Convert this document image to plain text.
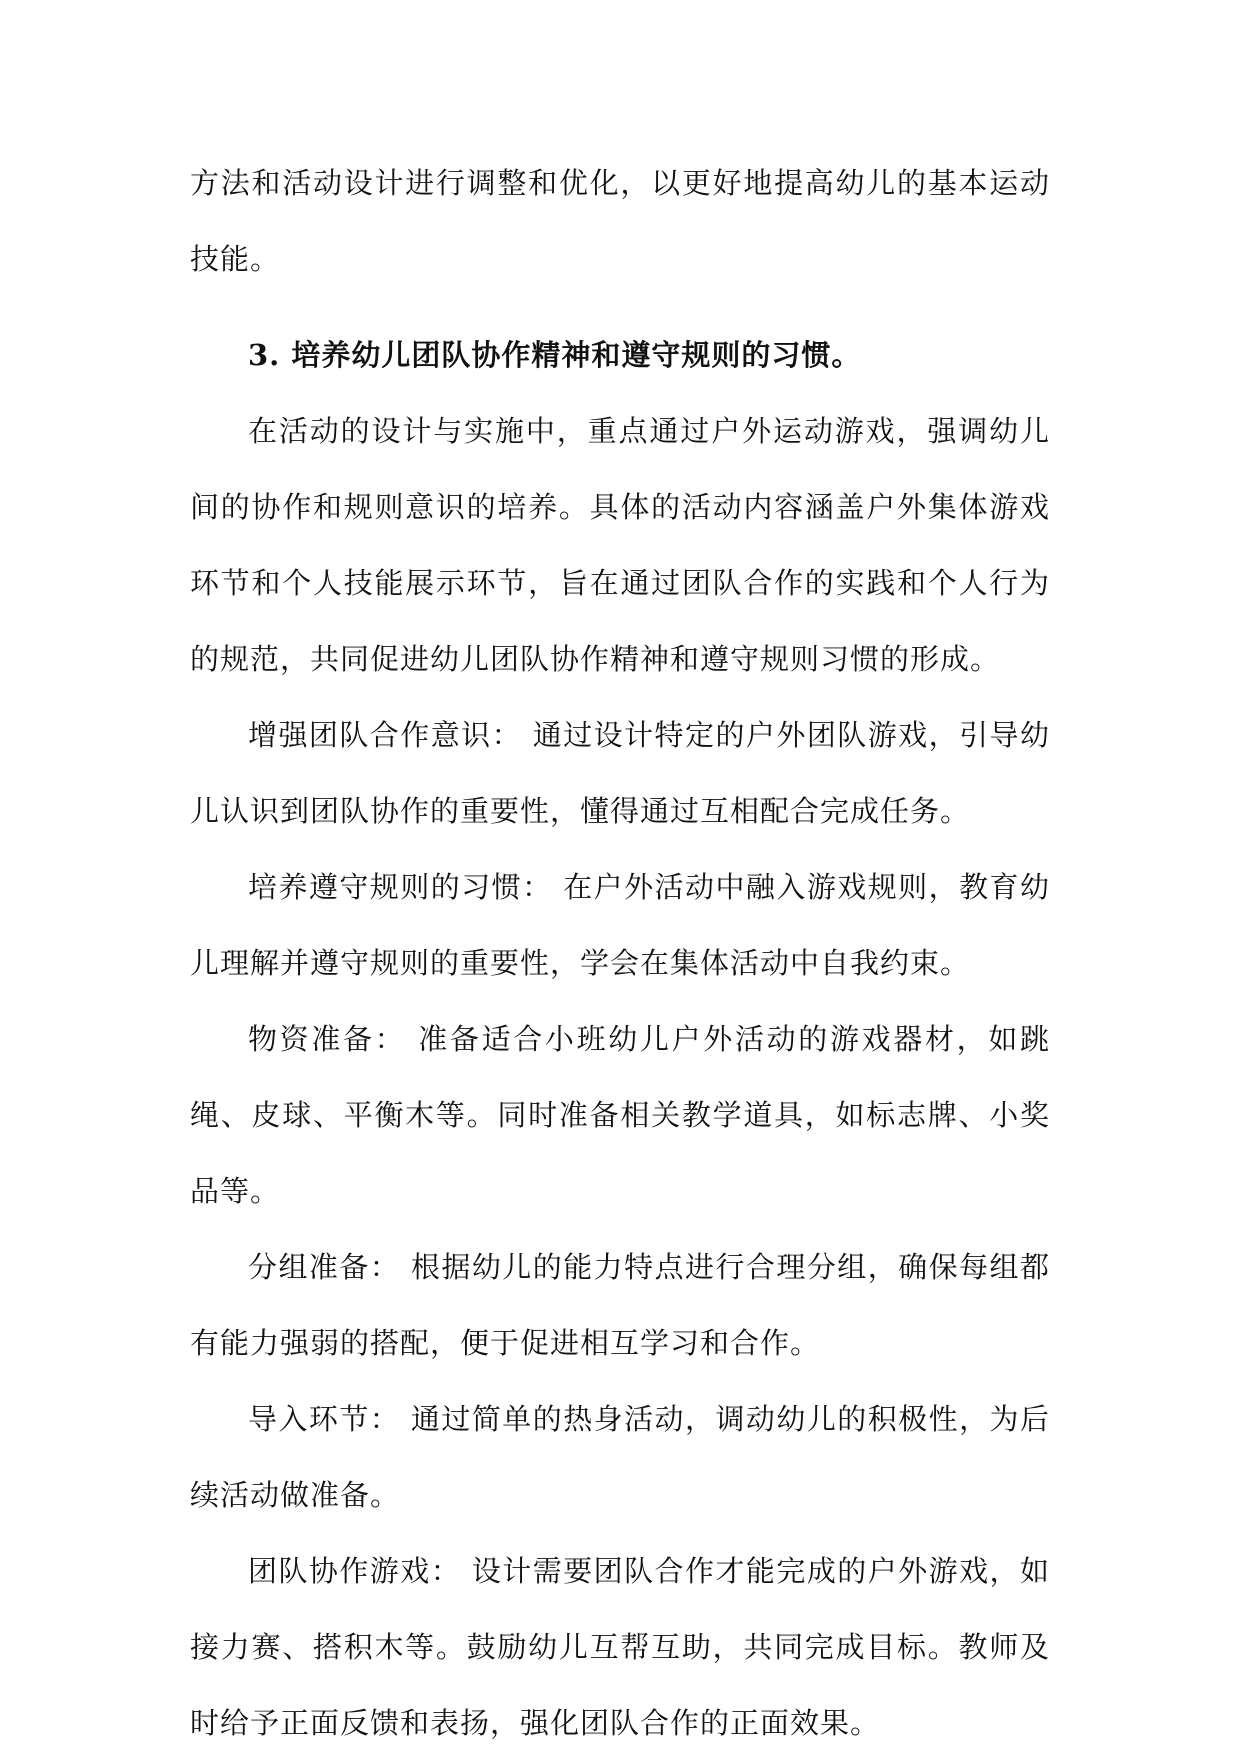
方法和活动设计进行调整和优化，以更好地提高幼儿的基本运动技能。

3. 培养幼儿团队协作精神和遵守规则的习惯。

在活动的设计与实施中，重点通过户外运动游戏，强调幼儿间的协作和规则意识的培养。具体的活动内容涵盖户外集体游戏环节和个人技能展示环节，旨在通过团队合作的实践和个人行为的规范，共同促进幼儿团队协作精神和遵守规则习惯的形成。

增强团队合作意识： 通过设计特定的户外团队游戏，引导幼儿认识到团队协作的重要性，懂得通过互相配合完成任务。

培养遵守规则的习惯： 在户外活动中融入游戏规则，教育幼儿理解并遵守规则的重要性，学会在集体活动中自我约束。

物资准备： 准备适合小班幼儿户外活动的游戏器材，如跳绳、皮球、平衡木等。同时准备相关教学道具，如标志牌、小奖品等。

分组准备： 根据幼儿的能力特点进行合理分组，确保每组都有能力强弱的搭配，便于促进相互学习和合作。

导入环节： 通过简单的热身活动，调动幼儿的积极性，为后续活动做准备。

团队协作游戏： 设计需要团队合作才能完成的户外游戏，如接力赛、搭积木等。鼓励幼儿互帮互助，共同完成目标。教师及时给予正面反馈和表扬，强化团队合作的正面效果。
